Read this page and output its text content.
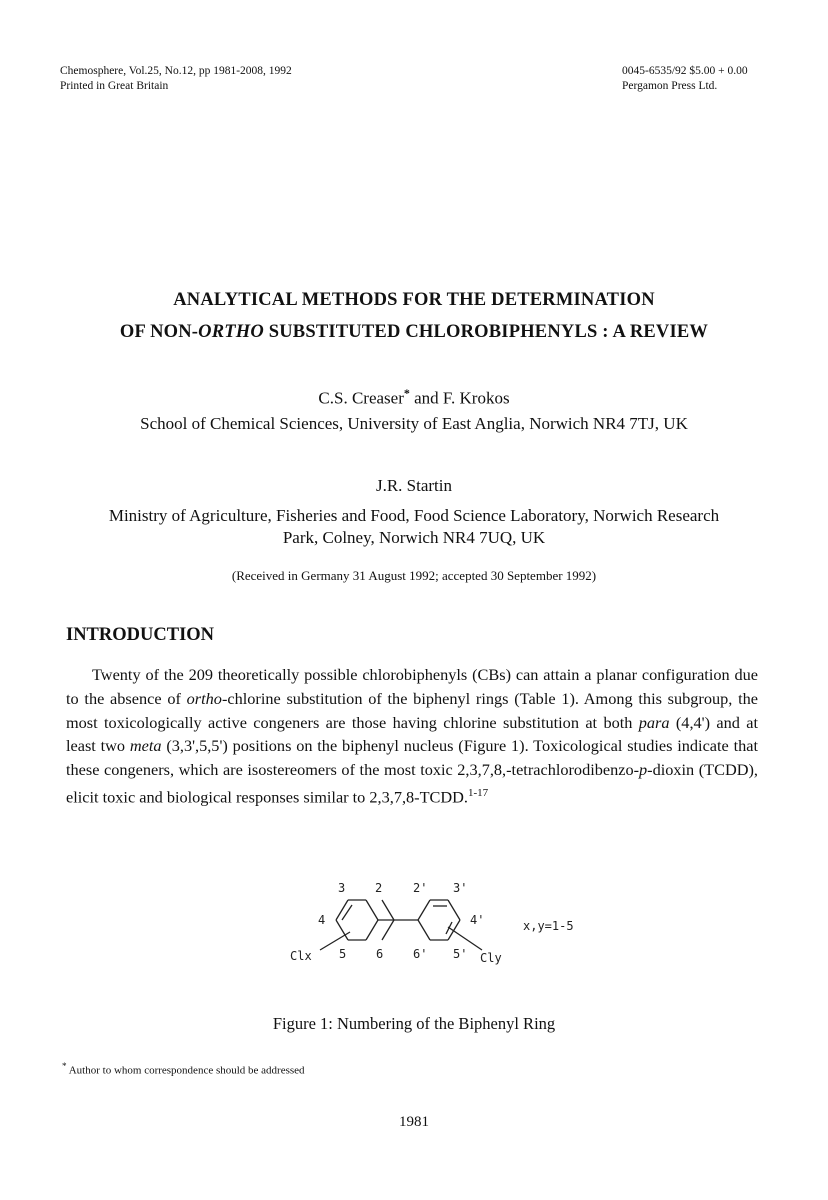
Chemosphere, Vol.25, No.12, pp 1981-2008, 1992
Printed in Great Britain
0045-6535/92 $5.00 + 0.00
Pergamon Press Ltd.
ANALYTICAL METHODS FOR THE DETERMINATION
OF NON-ORTHO SUBSTITUTED CHLOROBIPHENYLS : A REVIEW
C.S. Creaser* and F. Krokos
School of Chemical Sciences, University of East Anglia, Norwich NR4 7TJ, UK
J.R. Startin
Ministry of Agriculture, Fisheries and Food, Food Science Laboratory, Norwich Research
Park, Colney, Norwich NR4 7UQ, UK
(Received in Germany 31 August 1992; accepted 30 September 1992)
INTRODUCTION
Twenty of the 209 theoretically possible chlorobiphenyls (CBs) can attain a planar configuration due to the absence of ortho-chlorine substitution of the biphenyl rings (Table 1). Among this subgroup, the most toxicologically active congeners are those having chlorine substitution at both para (4,4') and at least two meta (3,3',5,5') positions on the biphenyl nucleus (Figure 1). Toxicological studies indicate that these congeners, which are isostereomers of the most toxic 2,3,7,8,-tetrachlorodibenzo-p-dioxin (TCDD), elicit toxic and biological responses similar to 2,3,7,8-TCDD.$^{1-17}$
3 2	2' 3'
4	4'	x,y=1-5
Clx 5 6 6' 5' Cly
Figure 1: Numbering of the Biphenyl Ring
* Author to whom correspondence should be addressed
1981
